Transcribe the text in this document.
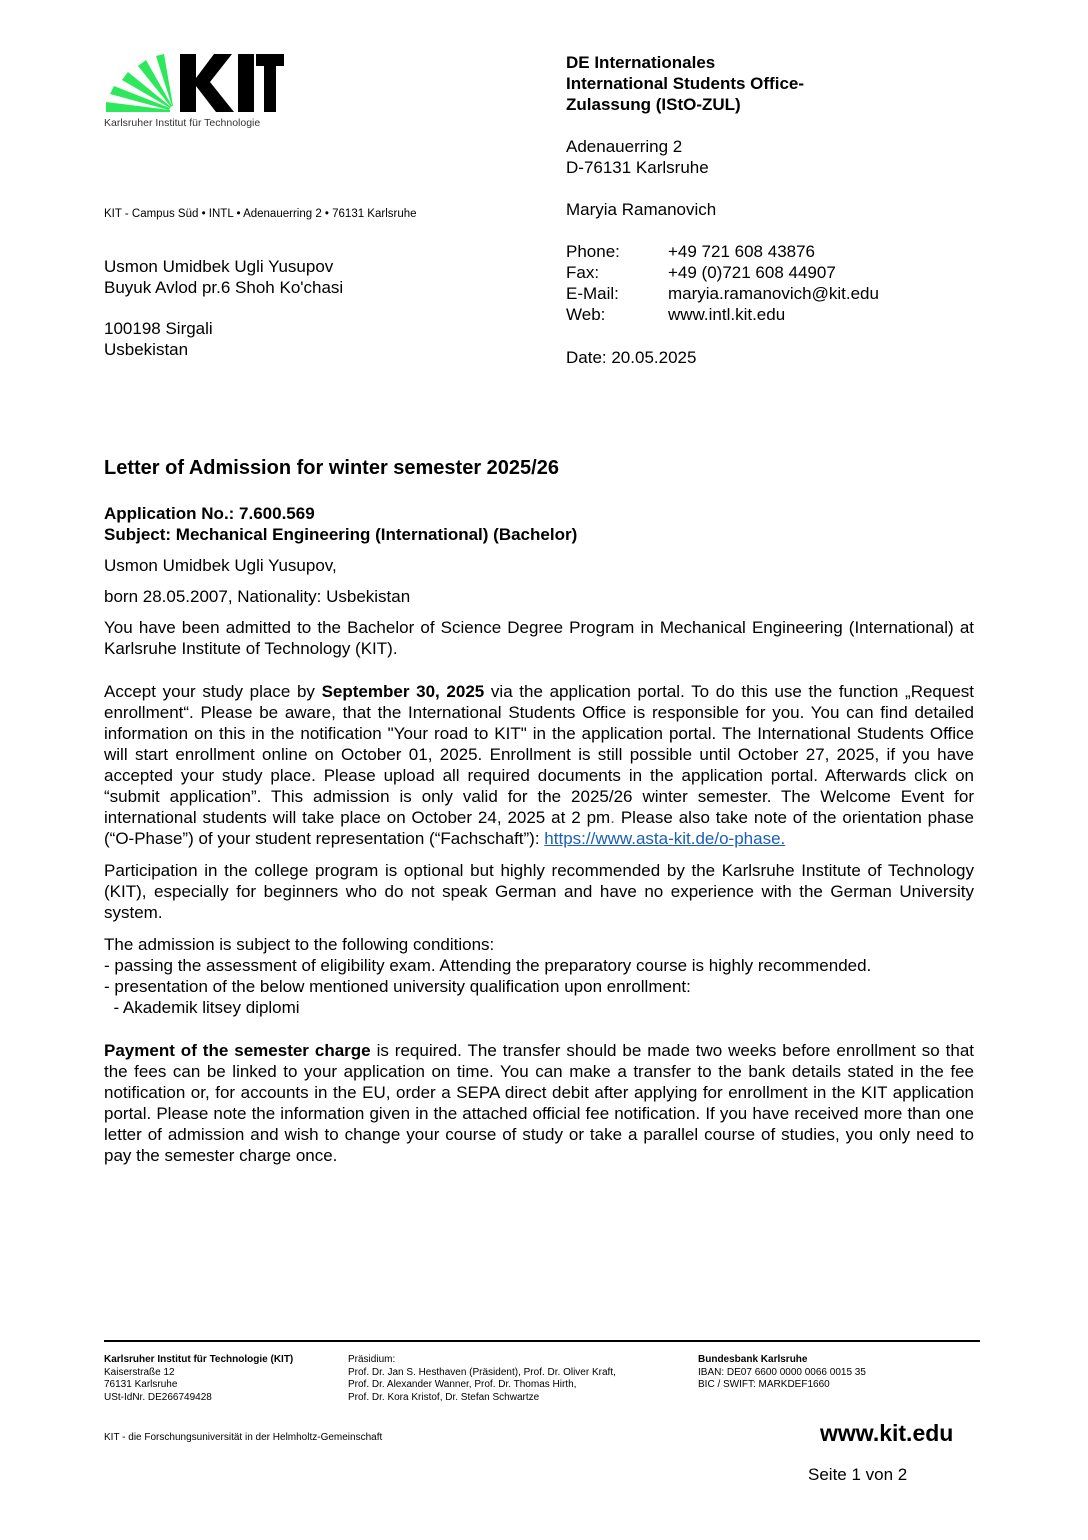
Karlsruher Institut für Technologie
DE Internationales
International Students Office-
Zulassung (IStO-ZUL)
Adenauerring 2
D-76131 Karlsruhe
Maryia Ramanovich
Phone:	+49 721 608 43876
Fax:	+49 (0)721 608 44907
E-Mail:	maryia.ramanovich@kit.edu
Web:	www.intl.kit.edu
Date: 20.05.2025
KIT - Campus Süd • INTL • Adenauerring 2 • 76131 Karlsruhe
Usmon Umidbek Ugli Yusupov
Buyuk Avlod pr.6 Shoh Ko'chasi
100198 Sirgali
Usbekistan
Letter of Admission for winter semester 2025/26

Application No.: 7.600.569

Subject: Mechanical Engineering (International) (Bachelor)

Usmon Umidbek Ugli Yusupov,

born 28.05.2007, Nationality: Usbekistan

You have been admitted to the Bachelor of Science Degree Program in Mechanical Engineering (International) at Karlsruhe Institute of Technology (KIT).

Accept your study place by September 30, 2025 via the application portal. To do this use the function „Request enrollment“. Please be aware, that the International Students Office is responsible for you. You can find detailed information on this in the notification "Your road to KIT" in the application portal. The International Students Office will start enrollment online on October 01, 2025. Enrollment is still possible until October 27, 2025, if you have accepted your study place. Please upload all required documents in the application portal. Afterwards click on “submit application”. This admission is only valid for the 2025/26 winter semester. The Welcome Event for international students will take place on October 24, 2025 at 2 pm. Please also take note of the orientation phase (“O-Phase”) of your student representation (“Fachschaft”): https://www.asta-kit.de/o-phase.

Participation in the college program is optional but highly recommended by the Karlsruhe Institute of Technology (KIT), especially for beginners who do not speak German and have no experience with the German University system.

The admission is subject to the following conditions:

- passing the assessment of eligibility exam. Attending the preparatory course is highly recommended.

- presentation of the below mentioned university qualification upon enrollment:

- Akademik litsey diplomi

Payment of the semester charge is required. The transfer should be made two weeks before enrollment so that the fees can be linked to your application on time. You can make a transfer to the bank details stated in the fee notification or, for accounts in the EU, order a SEPA direct debit after applying for enrollment in the KIT application portal. Please note the information given in the attached official fee notification. If you have received more than one letter of admission and wish to change your course of study or take a parallel course of studies, you only need to pay the semester charge once.

Karlsruher Institut für Technologie (KIT)
Kaiserstraße 12
76131 Karlsruhe
USt-IdNr. DE266749428
Präsidium:
Prof. Dr. Jan S. Hesthaven (Präsident), Prof. Dr. Oliver Kraft,
Prof. Dr. Alexander Wanner, Prof. Dr. Thomas Hirth,
Prof. Dr. Kora Kristof, Dr. Stefan Schwartze
Bundesbank Karlsruhe
IBAN: DE07 6600 0000 0066 0015 35
BIC / SWIFT: MARKDEF1660
KIT - die Forschungsuniversität in der Helmholtz-Gemeinschaft	www.kit.edu
Seite 1 von 2
